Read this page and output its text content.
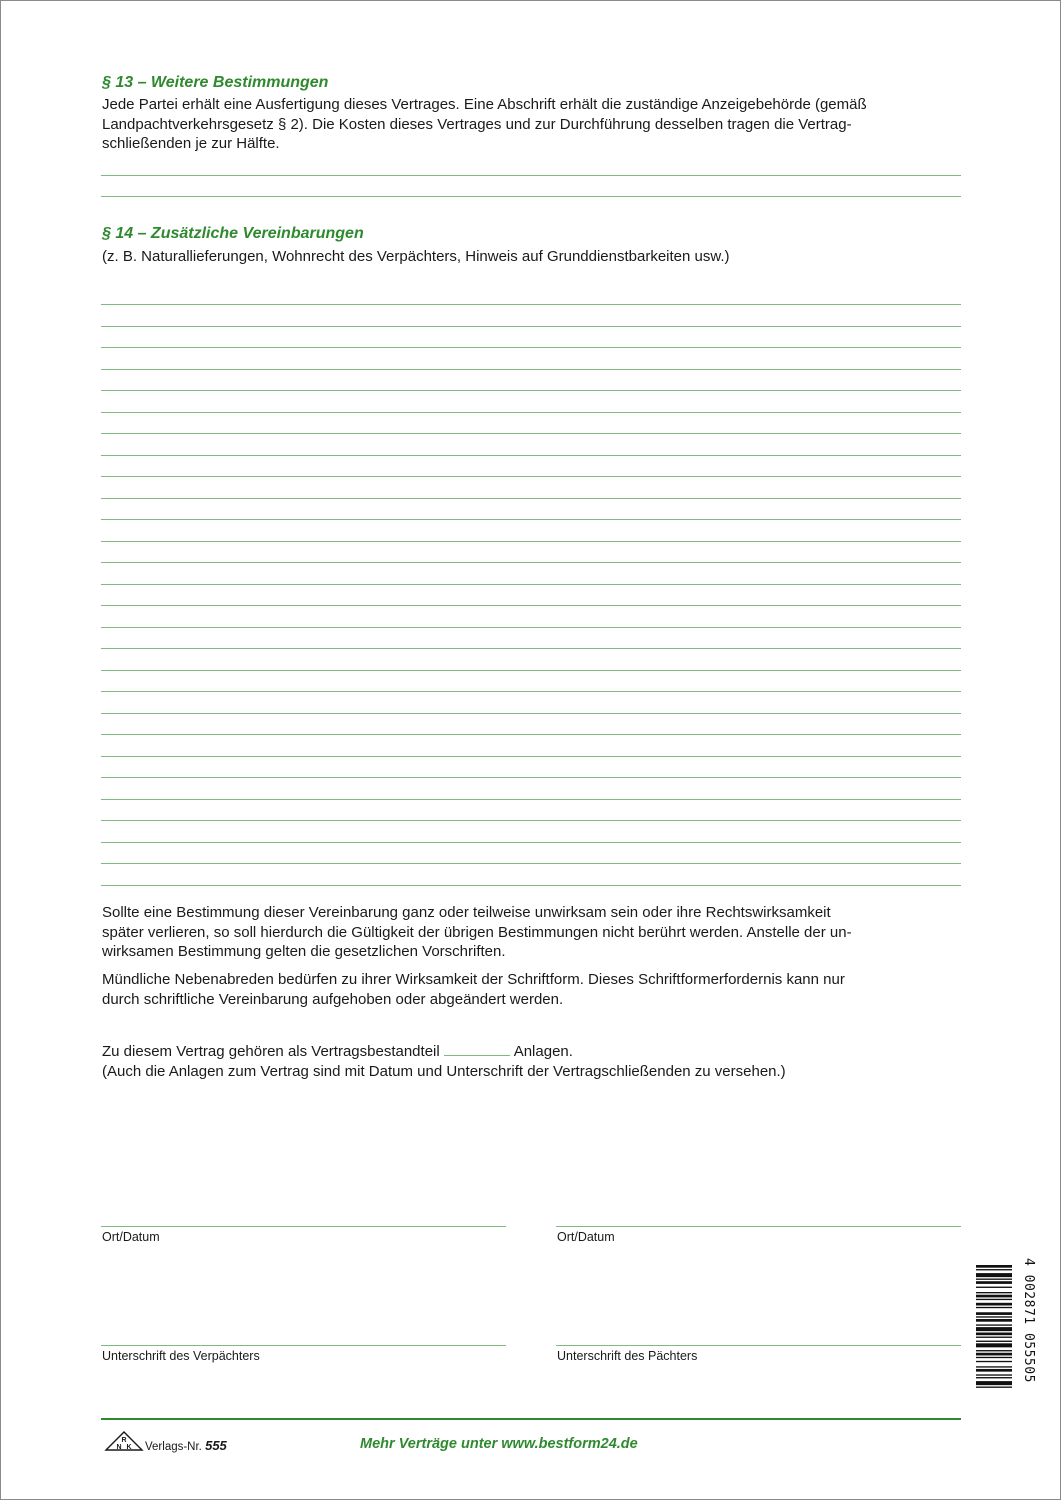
§ 13 – Weitere Bestimmungen
Jede Partei erhält eine Ausfertigung dieses Vertrages. Eine Abschrift erhält die zuständige Anzeigebehörde (gemäß
Landpachtverkehrsgesetz § 2). Die Kosten dieses Vertrages und zur Durchführung desselben tragen die Vertrag-
schließenden je zur Hälfte.
§ 14 – Zusätzliche Vereinbarungen
(z. B. Naturallieferungen, Wohnrecht des Verpächters, Hinweis auf Grunddienstbarkeiten usw.)
Sollte eine Bestimmung dieser Vereinbarung ganz oder teilweise unwirksam sein oder ihre Rechtswirksamkeit
später verlieren, so soll hierdurch die Gültigkeit der übrigen Bestimmungen nicht berührt werden. Anstelle der un-
wirksamen Bestimmung gelten die gesetzlichen Vorschriften.
Mündliche Nebenabreden bedürfen zu ihrer Wirksamkeit der Schriftform. Dieses Schriftformerfordernis kann nur
durch schriftliche Vereinbarung aufgehoben oder abgeändert werden.
Zu diesem Vertrag gehören als Vertragsbestandteil	Anlagen.
(Auch die Anlagen zum Vertrag sind mit Datum und Unterschrift der Vertragschließenden zu versehen.)
Ort/Datum	Ort/Datum
Unterschrift des Verpächters	Unterschrift des Pächters	4 002871 055505
R
N K Verlags-Nr. 555	Mehr Verträge unter www.bestform24.de
